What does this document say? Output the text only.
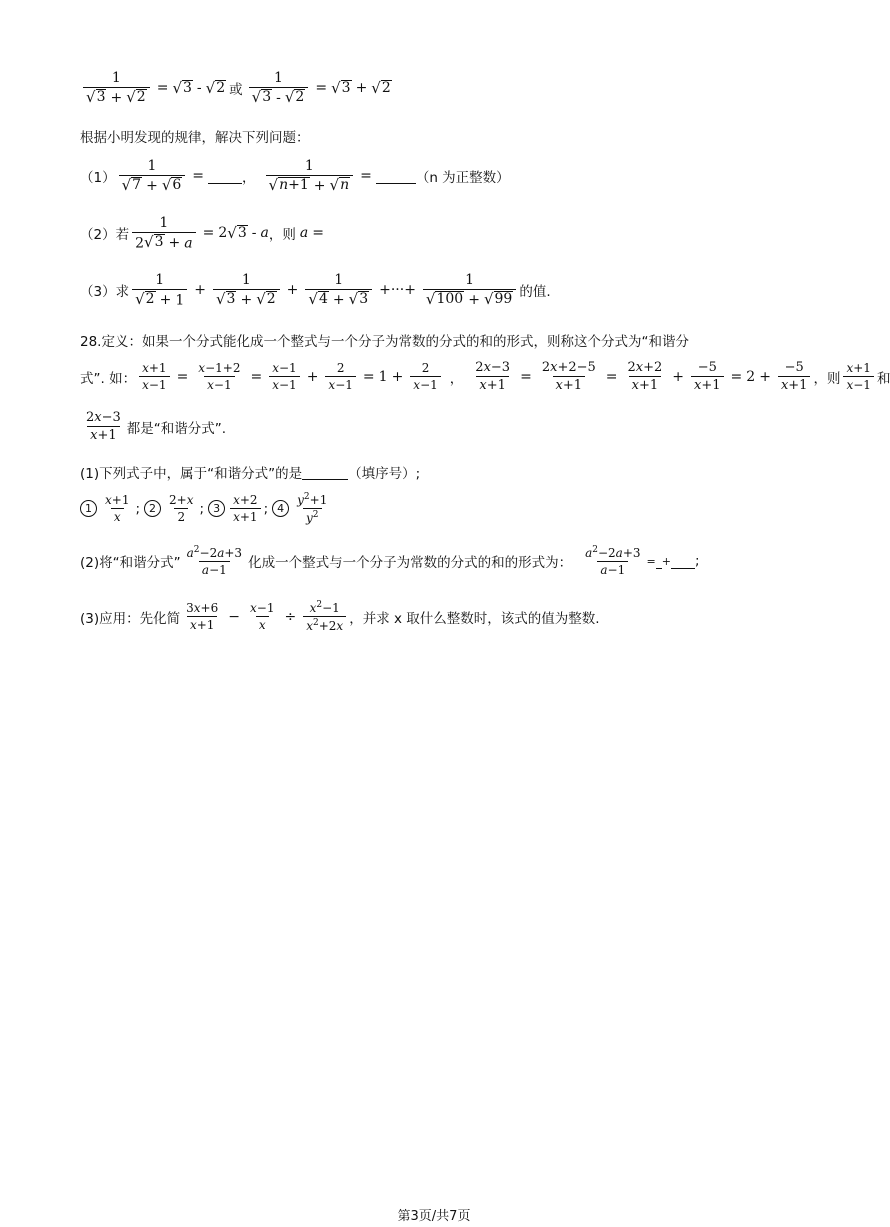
$\frac{1}{√ 3 + √ 2}$ = √ 3 - √ 2 或 $\frac{1}{√ 3 - √ 2}$ = √ 3 + √ 2
根据小明发现的规律，解决下列问题：
$(1) \frac{1}{√ 7 + √ 6}$ =	， $\frac{1}{√ n+1 + √ n}$ =	（n 为正整数）
（2）若 $\frac{1}{2 √ 3 + a} = 2$ √ 3 - a ，则 a =
（3）求 $\frac{1}{√ 2 + 1} + \frac{1}{√ 3 + √ 2} + \frac{1}{√ 4 + √ 3}$ +···+ $\frac{1}{√ 100 + √ 99}$ 的值.
28.定义：如果一个分式能化成一个整式与一个分子为常数的分式的和的形式，则称这个分式为“和谐分
式”. 如： $\frac{x+1}{x-1} = \frac{x-1+2}{x-1} = \frac{x-1}{x-1} + \frac{2}{x-1} = 1 + \frac{2}{x-1}$ ， $\frac{2x-3}{x+1} = \frac{2x+2-5}{x+1} = \frac{2x+2}{x+1} + \frac{-5}{x+1} = 2 + \frac{-5}{x+1}$ ，则 $\frac{x+1}{x-1}$ 和
$\frac{2x-3}{x+1}$ 都是“和谐分式”.
(1)下列式子中，属于“和谐分式”的是	（填序号）;
$1 \frac{x+1}{x}$ ; $2 \frac{2+x}{2}$ ; $3 \frac{x+2}{x+1}$ ; $4 \frac{y^2+1}{y^2}$
(2)将“和谐分式” $\frac{a^2-2a+3}{a-1}$ 化成一个整式与一个分子为常数的分式的和的形式为： $\frac{a^2-2a+3}{a-1}$ = + ;
(3)应用：先化简 $\frac{3x+6}{x+1} - \frac{x-1}{x} \div \frac{x^2-1}{x^2+2x}$ ，并求 x 取什么整数时，该式的值为整数.
第3页/共7页
